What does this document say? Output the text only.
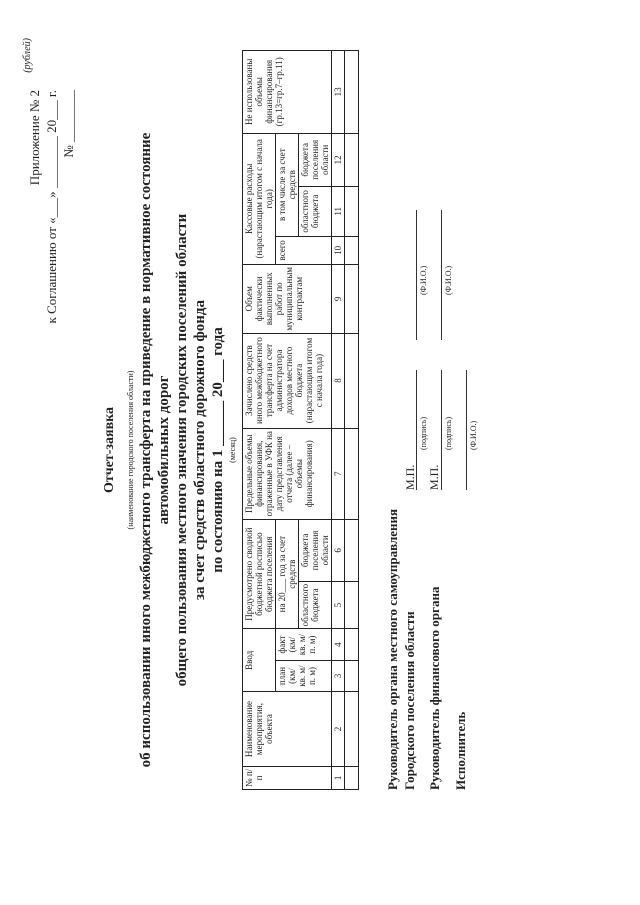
(рублей)
Приложение № 2 к Соглашению от «___» ________ 20___ г. № ________
Отчет-заявка (наименование городского поселения области) об использовании иного межбюджетного трансферта на приведение в нормативное состояние автомобильных дорог общего пользования местного значения городских поселений области за счет средств областного дорожного фонда по состоянию на 1 ______ 20___ года (месяц)
№ п/п	Наименование мероприятия, объекта	Ввод		Предусмотрено сводной бюджетной росписью бюджета поселения		Предельные объемы финансирования, отраженные в УФК на дату представления отчета (далее – объемы финансирования)	Зачислено средств иного межбюджетного трансферта на счет администратора доходов местного бюджета (нарастающим итогом с начала года)	Объем фактически выполненных работ по муниципальным контрактам	Кассовые расходы (нарастающим итогом с начала года)			Не использованы объемы финансирования (гр.13=гр.7–гр.11)
		план (км/ кв. м/ п. м)	факт (км/ кв. м/ п. м)	на 20___ год за счет средств					всего	в том числе за счет средств		
				областного бюджета	бюджета поселения области					областного бюджета	бюджета поселения области	
1	2	3	4	5	6	7	8	9	10	11	12	13

Руководитель органа местного самоуправления Городского поселения области
М.П.
(подпись)
(Ф.И.О.)
Руководитель финансового органа
М.П.
(подпись)
(Ф.И.О.)
Исполнитель
(Ф.И.О.)
